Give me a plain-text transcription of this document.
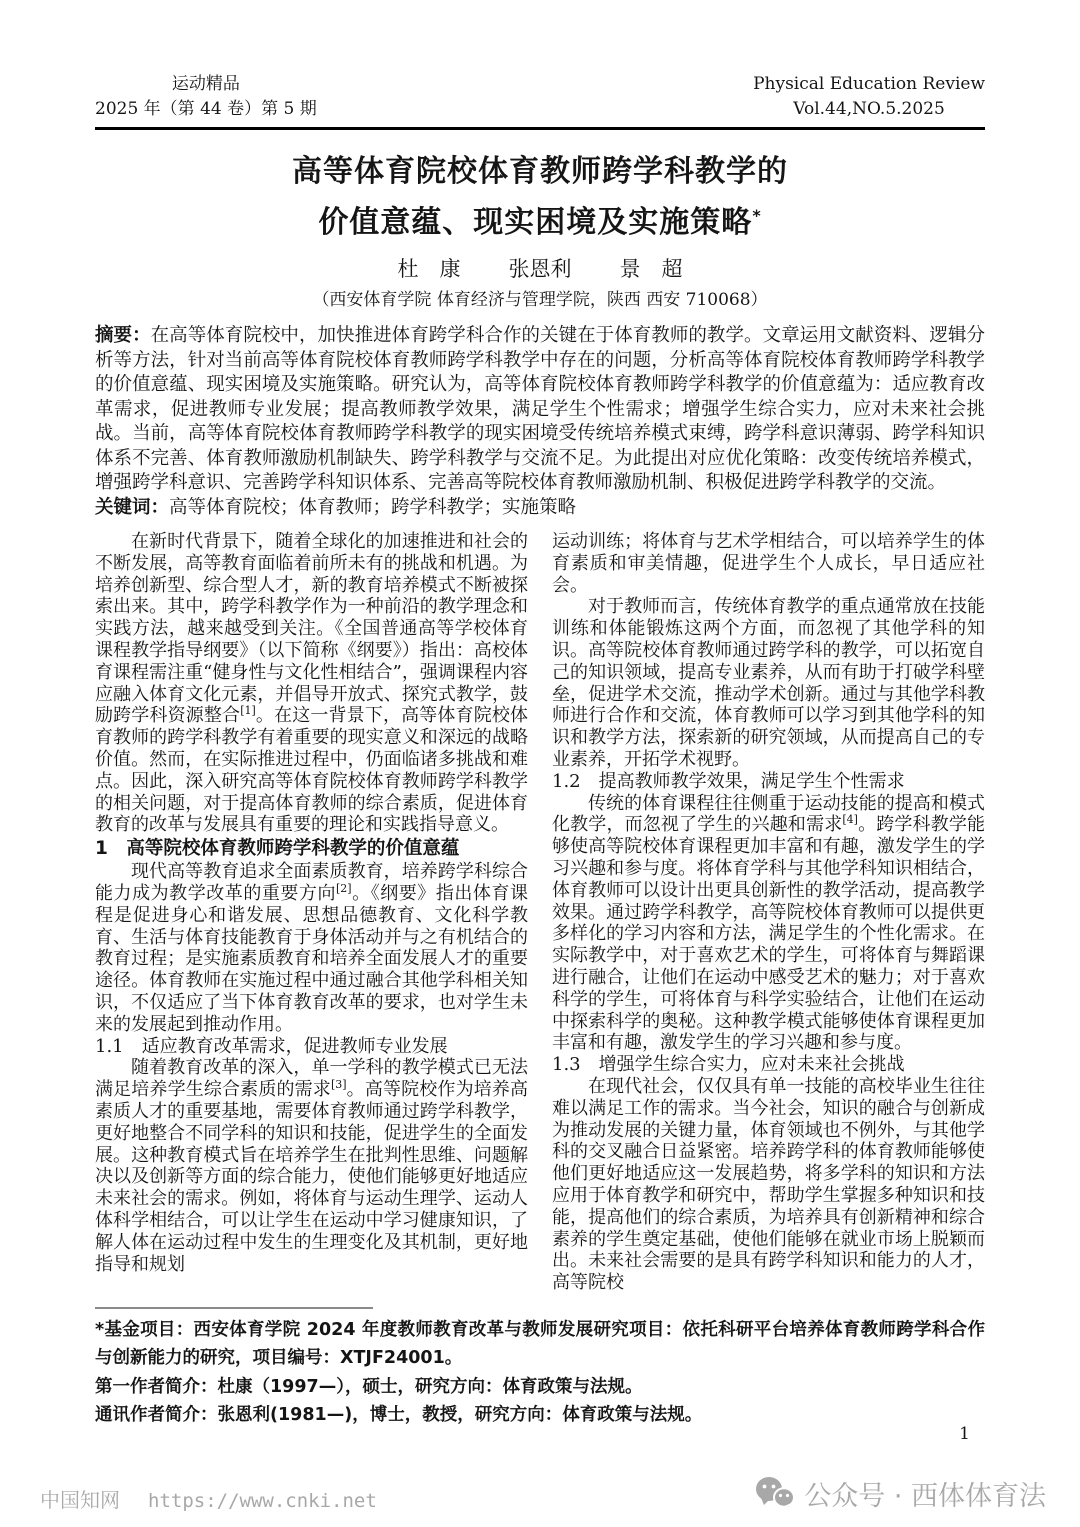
运动精品
2025 年（第 44 卷）第 5 期
Physical Education Review
Vol.44,NO.5.2025
高等体育院校体育教师跨学科教学的
价值意蕴、现实困境及实施策略*
杜　康 张恩利 景　超
（西安体育学院 体育经济与管理学院，陕西 西安 710068）

摘要：在高等体育院校中，加快推进体育跨学科合作的关键在于体育教师的教学。文章运用文献资料、逻辑分析等方法，针对当前高等体育院校体育教师跨学科教学中存在的问题，分析高等体育院校体育教师跨学科教学的价值意蕴、现实困境及实施策略。研究认为，高等体育院校体育教师跨学科教学的价值意蕴为：适应教育改革需求，促进教师专业发展；提高教师教学效果，满足学生个性需求；增强学生综合实力，应对未来社会挑战。当前，高等体育院校体育教师跨学科教学的现实困境受传统培养模式束缚，跨学科意识薄弱、跨学科知识体系不完善、体育教师激励机制缺失、跨学科教学与交流不足。为此提出对应优化策略：改变传统培养模式，增强跨学科意识、完善跨学科知识体系、完善高等院校体育教师激励机制、积极促进跨学科教学的交流。

关键词：高等体育院校；体育教师；跨学科教学；实施策略

在新时代背景下，随着全球化的加速推进和社会的不断发展，高等教育面临着前所未有的挑战和机遇。为培养创新型、综合型人才，新的教育培养模式不断被探索出来。其中，跨学科教学作为一种前沿的教学理念和实践方法，越来越受到关注。《全国普通高等学校体育课程教学指导纲要》（以下简称《纲要》）指出：高校体育课程需注重“健身性与文化性相结合”，强调课程内容应融入体育文化元素，并倡导开放式、探究式教学，鼓励跨学科资源整合[1]。在这一背景下，高等体育院校体育教师的跨学科教学有着重要的现实意义和深远的战略价值。然而，在实际推进过程中，仍面临诸多挑战和难点。因此，深入研究高等体育院校体育教师跨学科教学的相关问题，对于提高体育教师的综合素质，促进体育教育的改革与发展具有重要的理论和实践指导意义。

1　高等院校体育教师跨学科教学的价值意蕴

现代高等教育追求全面素质教育，培养跨学科综合能力成为教学改革的重要方向[2]。《纲要》指出体育课程是促进身心和谐发展、思想品德教育、文化科学教育、生活与体育技能教育于身体活动并与之有机结合的教育过程；是实施素质教育和培养全面发展人才的重要途径。体育教师在实施过程中通过融合其他学科相关知识，不仅适应了当下体育教育改革的要求，也对学生未来的发展起到推动作用。

1.1　适应教育改革需求，促进教师专业发展

随着教育改革的深入，单一学科的教学模式已无法满足培养学生综合素质的需求[3]。高等院校作为培养高素质人才的重要基地，需要体育教师通过跨学科教学，更好地整合不同学科的知识和技能，促进学生的全面发展。这种教育模式旨在培养学生在批判性思维、问题解决以及创新等方面的综合能力，使他们能够更好地适应未来社会的需求。例如，将体育与运动生理学、运动人体科学相结合，可以让学生在运动中学习健康知识，了解人体在运动过程中发生的生理变化及其机制，更好地指导和规划

运动训练；将体育与艺术学相结合，可以培养学生的体育素质和审美情趣，促进学生个人成长，早日适应社会。

对于教师而言，传统体育教学的重点通常放在技能训练和体能锻炼这两个方面，而忽视了其他学科的知识。高等院校体育教师通过跨学科的教学，可以拓宽自己的知识领域，提高专业素养，从而有助于打破学科壁垒，促进学术交流，推动学术创新。通过与其他学科教师进行合作和交流，体育教师可以学习到其他学科的知识和教学方法，探索新的研究领域，从而提高自己的专业素养，开拓学术视野。

1.2　提高教师教学效果，满足学生个性需求

传统的体育课程往往侧重于运动技能的提高和模式化教学，而忽视了学生的兴趣和需求[4]。跨学科教学能够使高等院校体育课程更加丰富和有趣，激发学生的学习兴趣和参与度。将体育学科与其他学科知识相结合，体育教师可以设计出更具创新性的教学活动，提高教学效果。通过跨学科教学，高等院校体育教师可以提供更多样化的学习内容和方法，满足学生的个性化需求。在实际教学中，对于喜欢艺术的学生，可将体育与舞蹈课进行融合，让他们在运动中感受艺术的魅力；对于喜欢科学的学生，可将体育与科学实验结合，让他们在运动中探索科学的奥秘。这种教学模式能够使体育课程更加丰富和有趣，激发学生的学习兴趣和参与度。

1.3　增强学生综合实力，应对未来社会挑战

在现代社会，仅仅具有单一技能的高校毕业生往往难以满足工作的需求。当今社会，知识的融合与创新成为推动发展的关键力量，体育领域也不例外，与其他学科的交叉融合日益紧密。培养跨学科的体育教师能够使他们更好地适应这一发展趋势，将多学科的知识和方法应用于体育教学和研究中，帮助学生掌握多种知识和技能，提高他们的综合素质，为培养具有创新精神和综合素养的学生奠定基础，使他们能够在就业市场上脱颖而出。未来社会需要的是具有跨学科知识和能力的人才，高等院校

*基金项目：西安体育学院 2024 年度教师教育改革与教师发展研究项目：依托科研平台培养体育教师跨学科合作与创新能力的研究，项目编号：XTJF24001。

第一作者简介：杜康（1997—），硕士，研究方向：体育政策与法规。

通讯作者简介：张恩利(1981—)，博士，教授，研究方向：体育政策与法规。

1
中国知网 https://www.cnki.net	公众号 · 西体体育法
